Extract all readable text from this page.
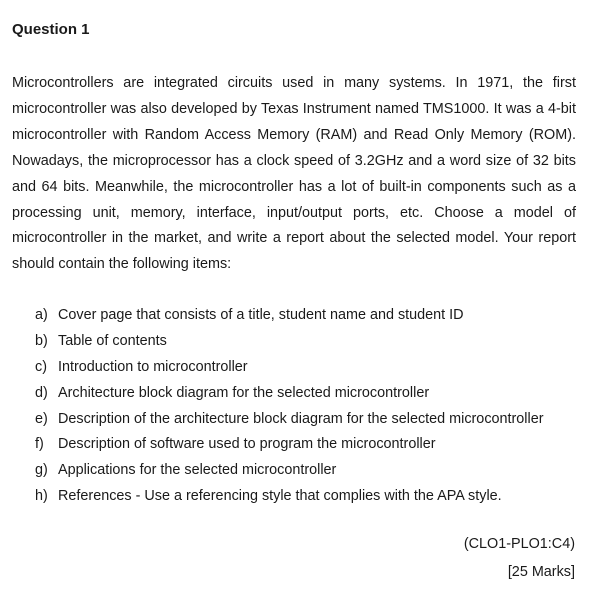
Question 1

Microcontrollers are integrated circuits used in many systems. In 1971, the first microcontroller was also developed by Texas Instrument named TMS1000. It was a 4-bit microcontroller with Random Access Memory (RAM) and Read Only Memory (ROM). Nowadays, the microprocessor has a clock speed of 3.2GHz and a word size of 32 bits and 64 bits. Meanwhile, the microcontroller has a lot of built-in components such as a processing unit, memory, interface, input/output ports, etc. Choose a model of microcontroller in the market, and write a report about the selected model. Your report should contain the following items:

a) Cover page that consists of a title, student name and student ID
b) Table of contents
c) Introduction to microcontroller
d) Architecture block diagram for the selected microcontroller
e) Description of the architecture block diagram for the selected microcontroller
f) Description of software used to program the microcontroller
g) Applications for the selected microcontroller
h) References - Use a referencing style that complies with the APA style.

(CLO1-PLO1:C4)

[25 Marks]
